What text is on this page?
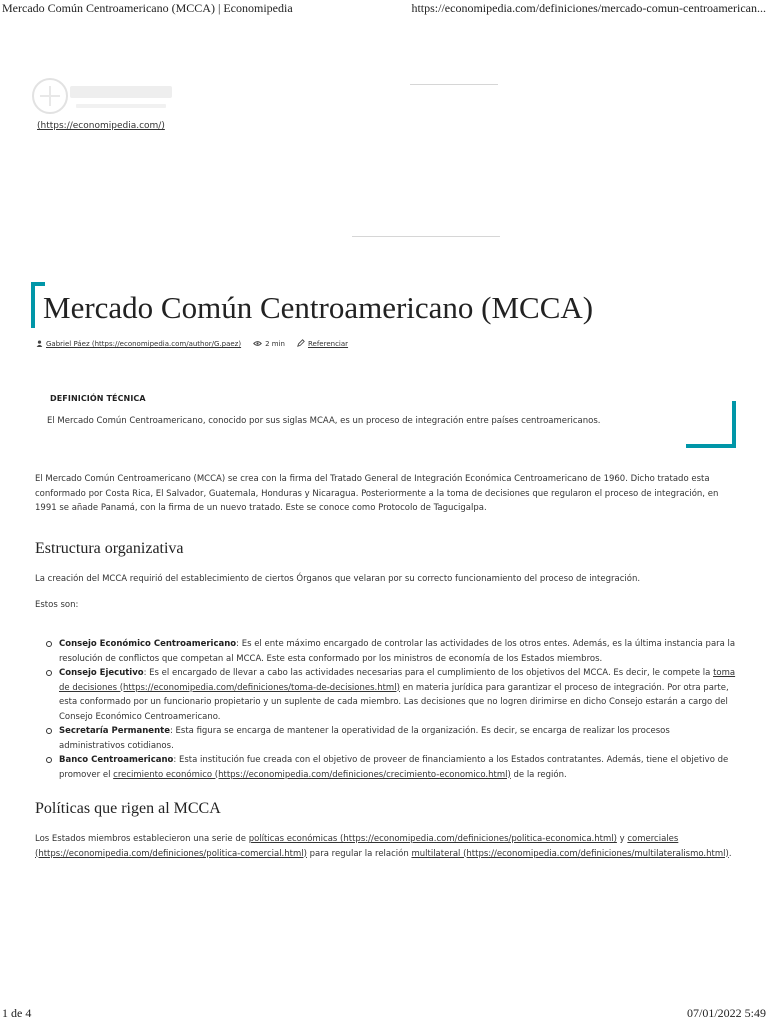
Mercado Común Centroamericano (MCCA) | Economipedia	https://economipedia.com/definiciones/mercado-comun-centroamerican...
(https://economipedia.com/)
Mercado Común Centroamericano (MCCA)
Gabriel Páez (https://economipedia.com/author/G.paez)	2 min	Referenciar
DEFINICIÓN TÉCNICA
El Mercado Común Centroamericano, conocido por sus siglas MCAA, es un proceso de integración entre países centroamericanos.

El Mercado Común Centroamericano (MCCA) se crea con la firma del Tratado General de Integración Económica Centroamericano de 1960. Dicho tratado esta conformado por Costa Rica, El Salvador, Guatemala, Honduras y Nicaragua. Posteriormente a la toma de decisiones que regularon el proceso de integración, en 1991 se añade Panamá, con la firma de un nuevo tratado. Este se conoce como Protocolo de Tagucigalpa.

Estructura organizativa

La creación del MCCA requirió del establecimiento de ciertos Órganos que velaran por su correcto funcionamiento del proceso de integración.

Estos son:

Consejo Económico Centroamericano: Es el ente máximo encargado de controlar las actividades de los otros entes. Además, es la última instancia para la resolución de conflictos que competan al MCCA. Este esta conformado por los ministros de economía de los Estados miembros.
Consejo Ejecutivo: Es el encargado de llevar a cabo las actividades necesarias para el cumplimiento de los objetivos del MCCA. Es decir, le compete la toma de decisiones (https://economipedia.com/definiciones/toma-de-decisiones.html) en materia jurídica para garantizar el proceso de integración. Por otra parte, esta conformado por un funcionario propietario y un suplente de cada miembro. Las decisiones que no logren dirimirse en dicho Consejo estarán a cargo del Consejo Económico Centroamericano.
Secretaría Permanente: Esta figura se encarga de mantener la operatividad de la organización. Es decir, se encarga de realizar los procesos administrativos cotidianos.
Banco Centroamericano: Esta institución fue creada con el objetivo de proveer de financiamiento a los Estados contratantes. Además, tiene el objetivo de promover el crecimiento económico (https://economipedia.com/definiciones/crecimiento-economico.html) de la región.
Políticas que rigen al MCCA

Los Estados miembros establecieron una serie de políticas económicas (https://economipedia.com/definiciones/politica-economica.html) y comerciales (https://economipedia.com/definiciones/politica-comercial.html) para regular la relación multilateral (https://economipedia.com/definiciones/multilateralismo.html).

1 de 4	07/01/2022 5:49
